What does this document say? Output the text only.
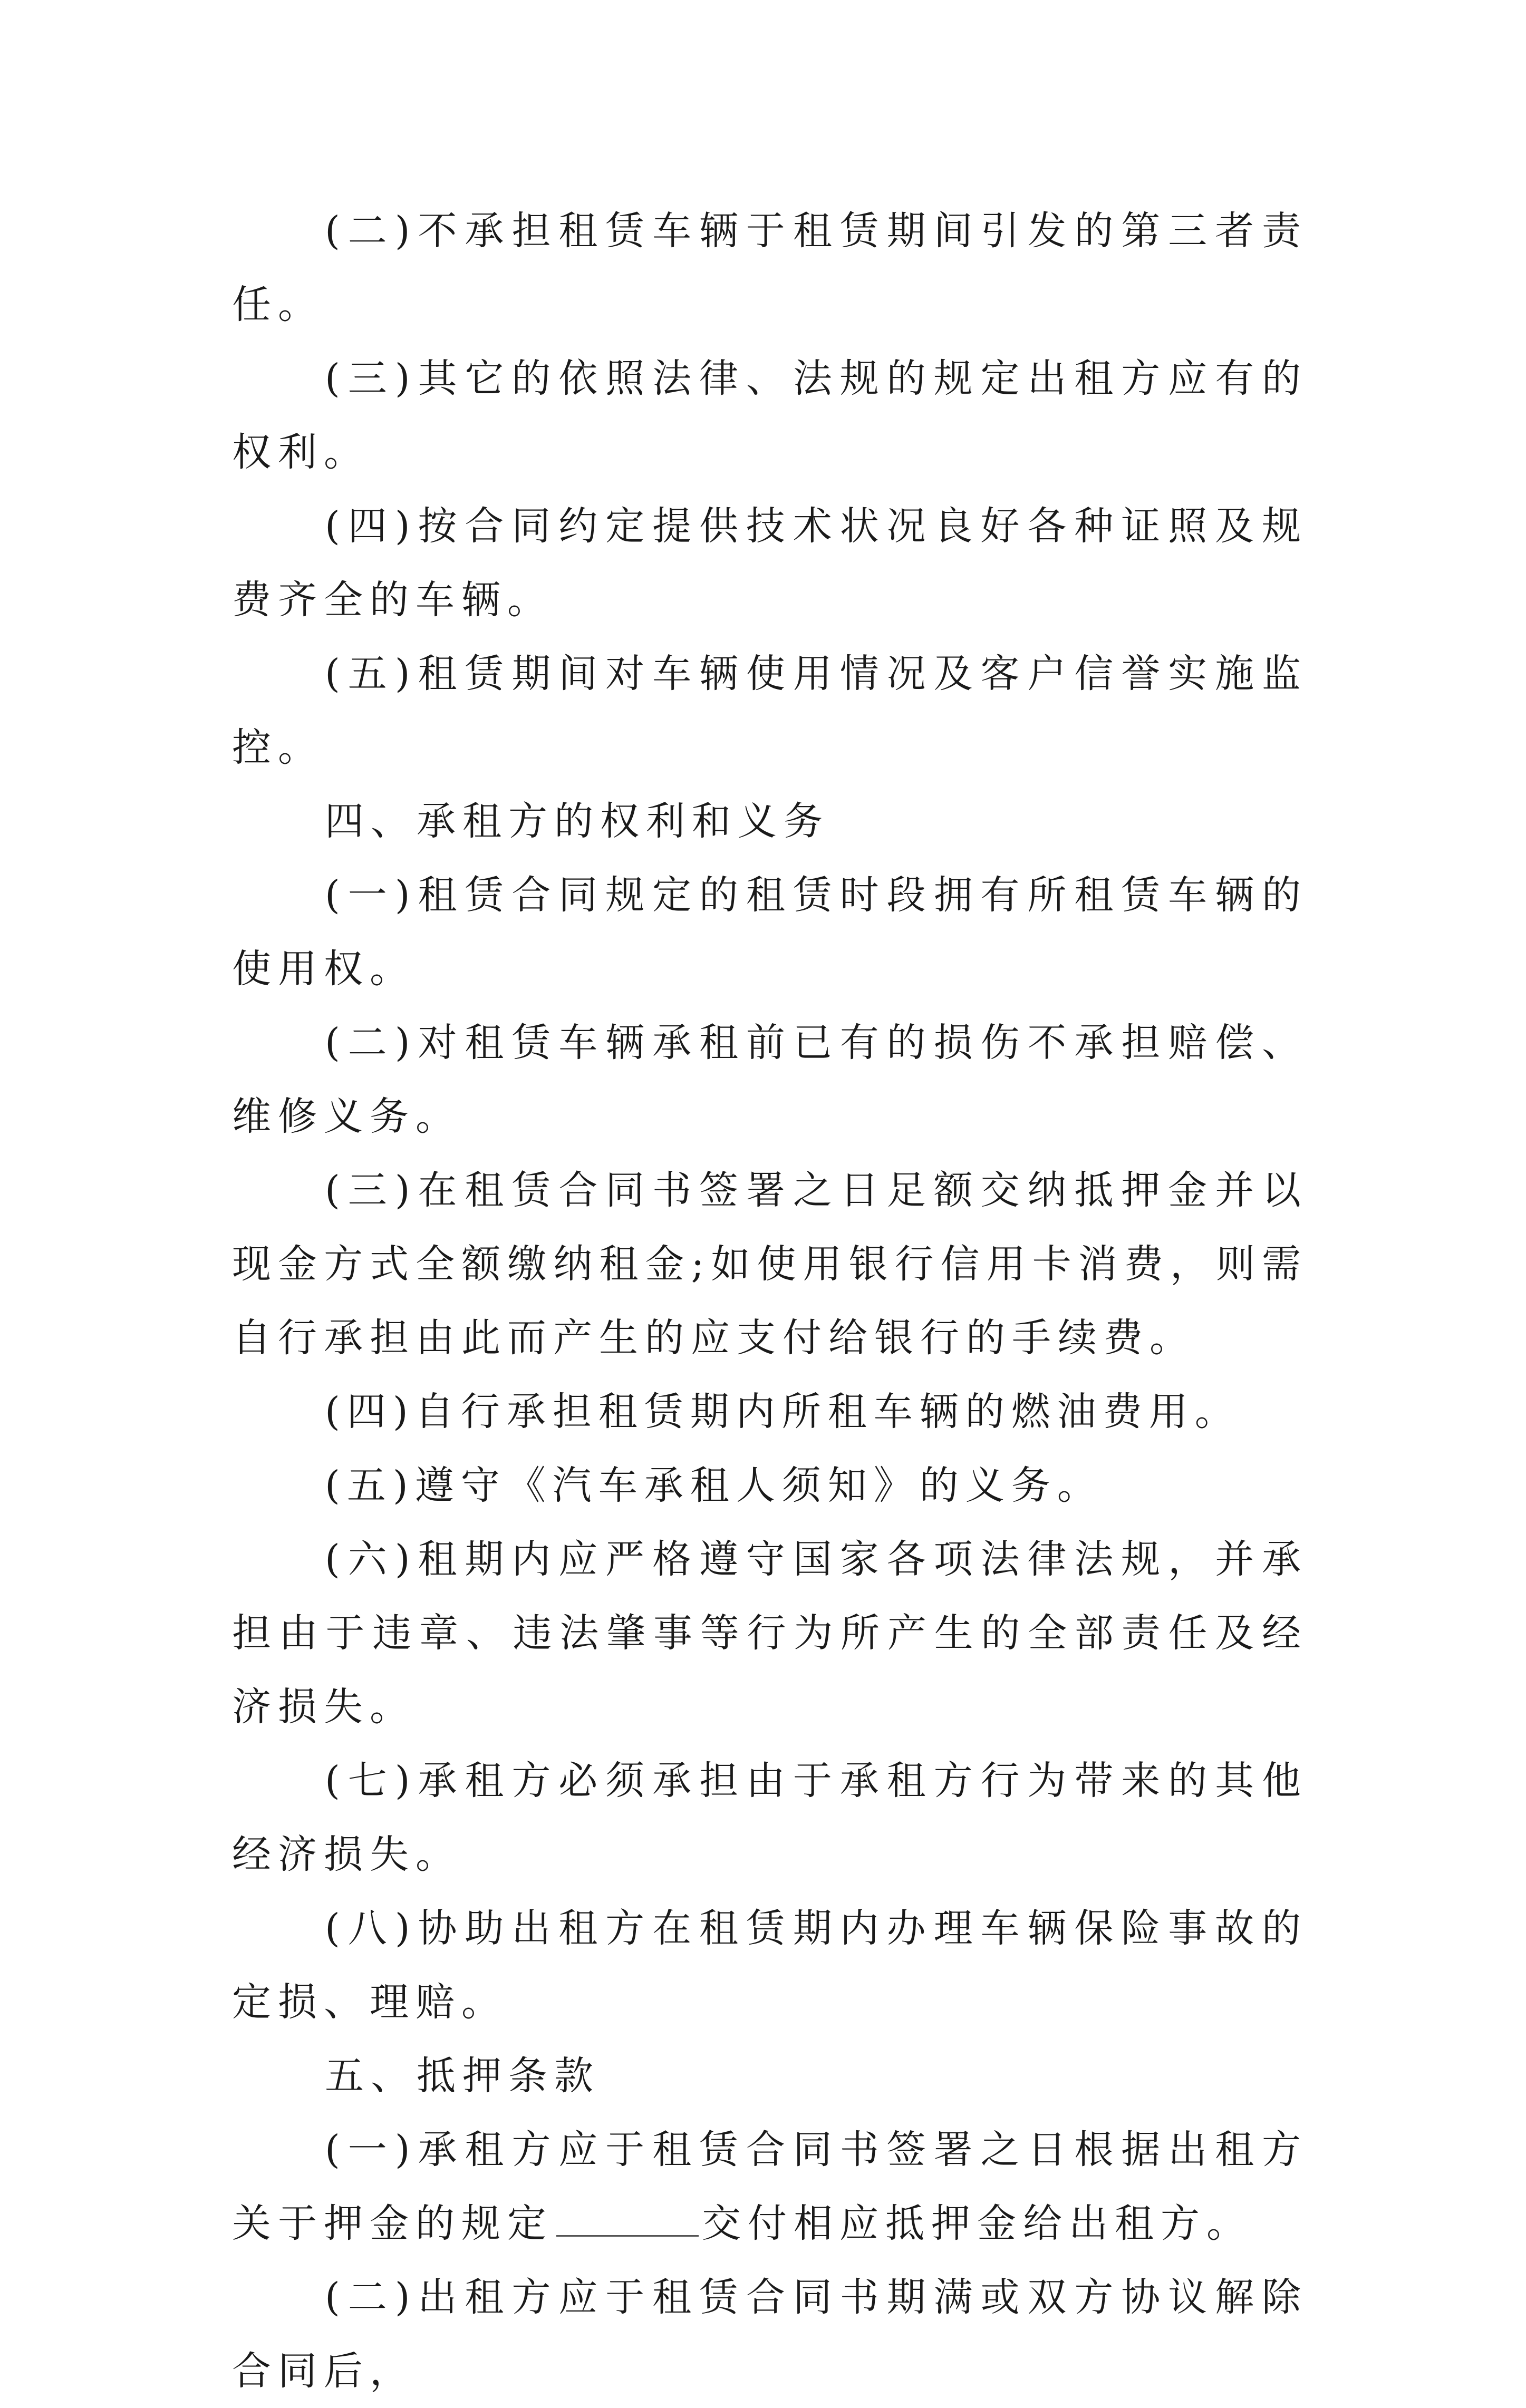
(二)不承担租赁车辆于租赁期间引发的第三者责任。

(三)其它的依照法律、法规的规定出租方应有的权利。

(四)按合同约定提供技术状况良好各种证照及规费齐全的车辆。

(五)租赁期间对车辆使用情况及客户信誉实施监控。

四、承租方的权利和义务

(一)租赁合同规定的租赁时段拥有所租赁车辆的使用权。

(二)对租赁车辆承租前已有的损伤不承担赔偿、维修义务。

(三)在租赁合同书签署之日足额交纳抵押金并以现金方式全额缴纳租金;如使用银行信用卡消费，则需自行承担由此而产生的应支付给银行的手续费。

(四)自行承担租赁期内所租车辆的燃油费用。

(五)遵守《汽车承租人须知》的义务。

(六)租期内应严格遵守国家各项法律法规，并承担由于违章、违法肇事等行为所产生的全部责任及经济损失。

(七)承租方必须承担由于承租方行为带来的其他经济损失。

(八)协助出租方在租赁期内办理车辆保险事故的定损、理赔。

五、抵押条款

(一)承租方应于租赁合同书签署之日根据出租方关于押金的规定	交付相应抵押金给出租方。

(二)出租方应于租赁合同书期满或双方协议解除合同后，
